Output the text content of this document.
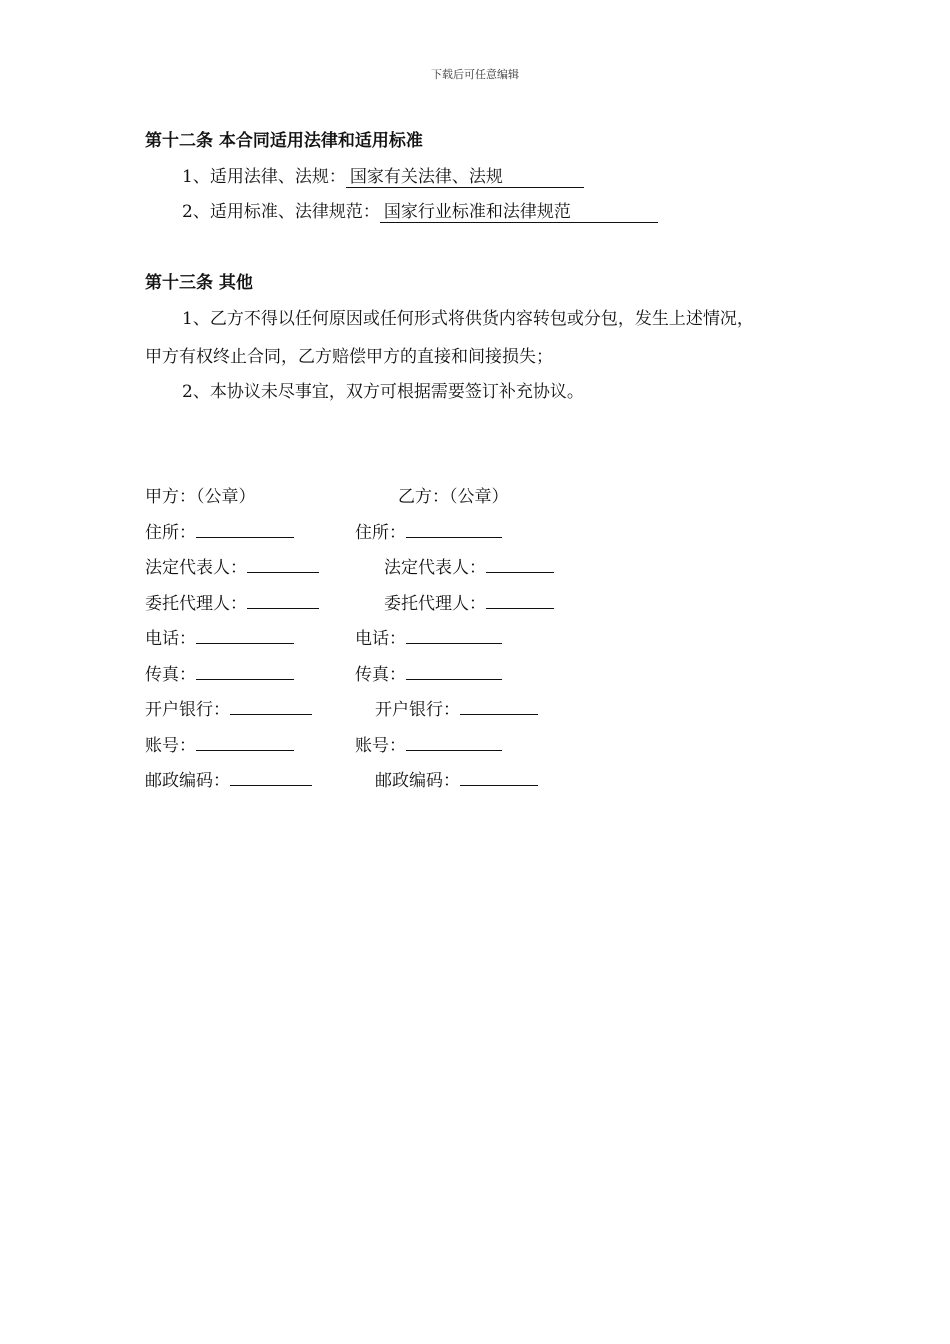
下载后可任意编辑
第十二条 本合同适用法律和适用标准
1、适用法律、法规： 国家有关法律、法规
2、适用标准、法律规范： 国家行业标准和法律规范
第十三条 其他
1、乙方不得以任何原因或任何形式将供货内容转包或分包，发生上述情况，
甲方有权终止合同，乙方赔偿甲方的直接和间接损失；
2、本协议未尽事宜，双方可根据需要签订补充协议。
甲方：（公章）	乙方：（公章）
住所：	住所：
法定代表人：	法定代表人：
委托代理人：	委托代理人：
电话：	电话：
传真：	传真：
开户银行：	开户银行：
账号：	账号：
邮政编码：	邮政编码：
